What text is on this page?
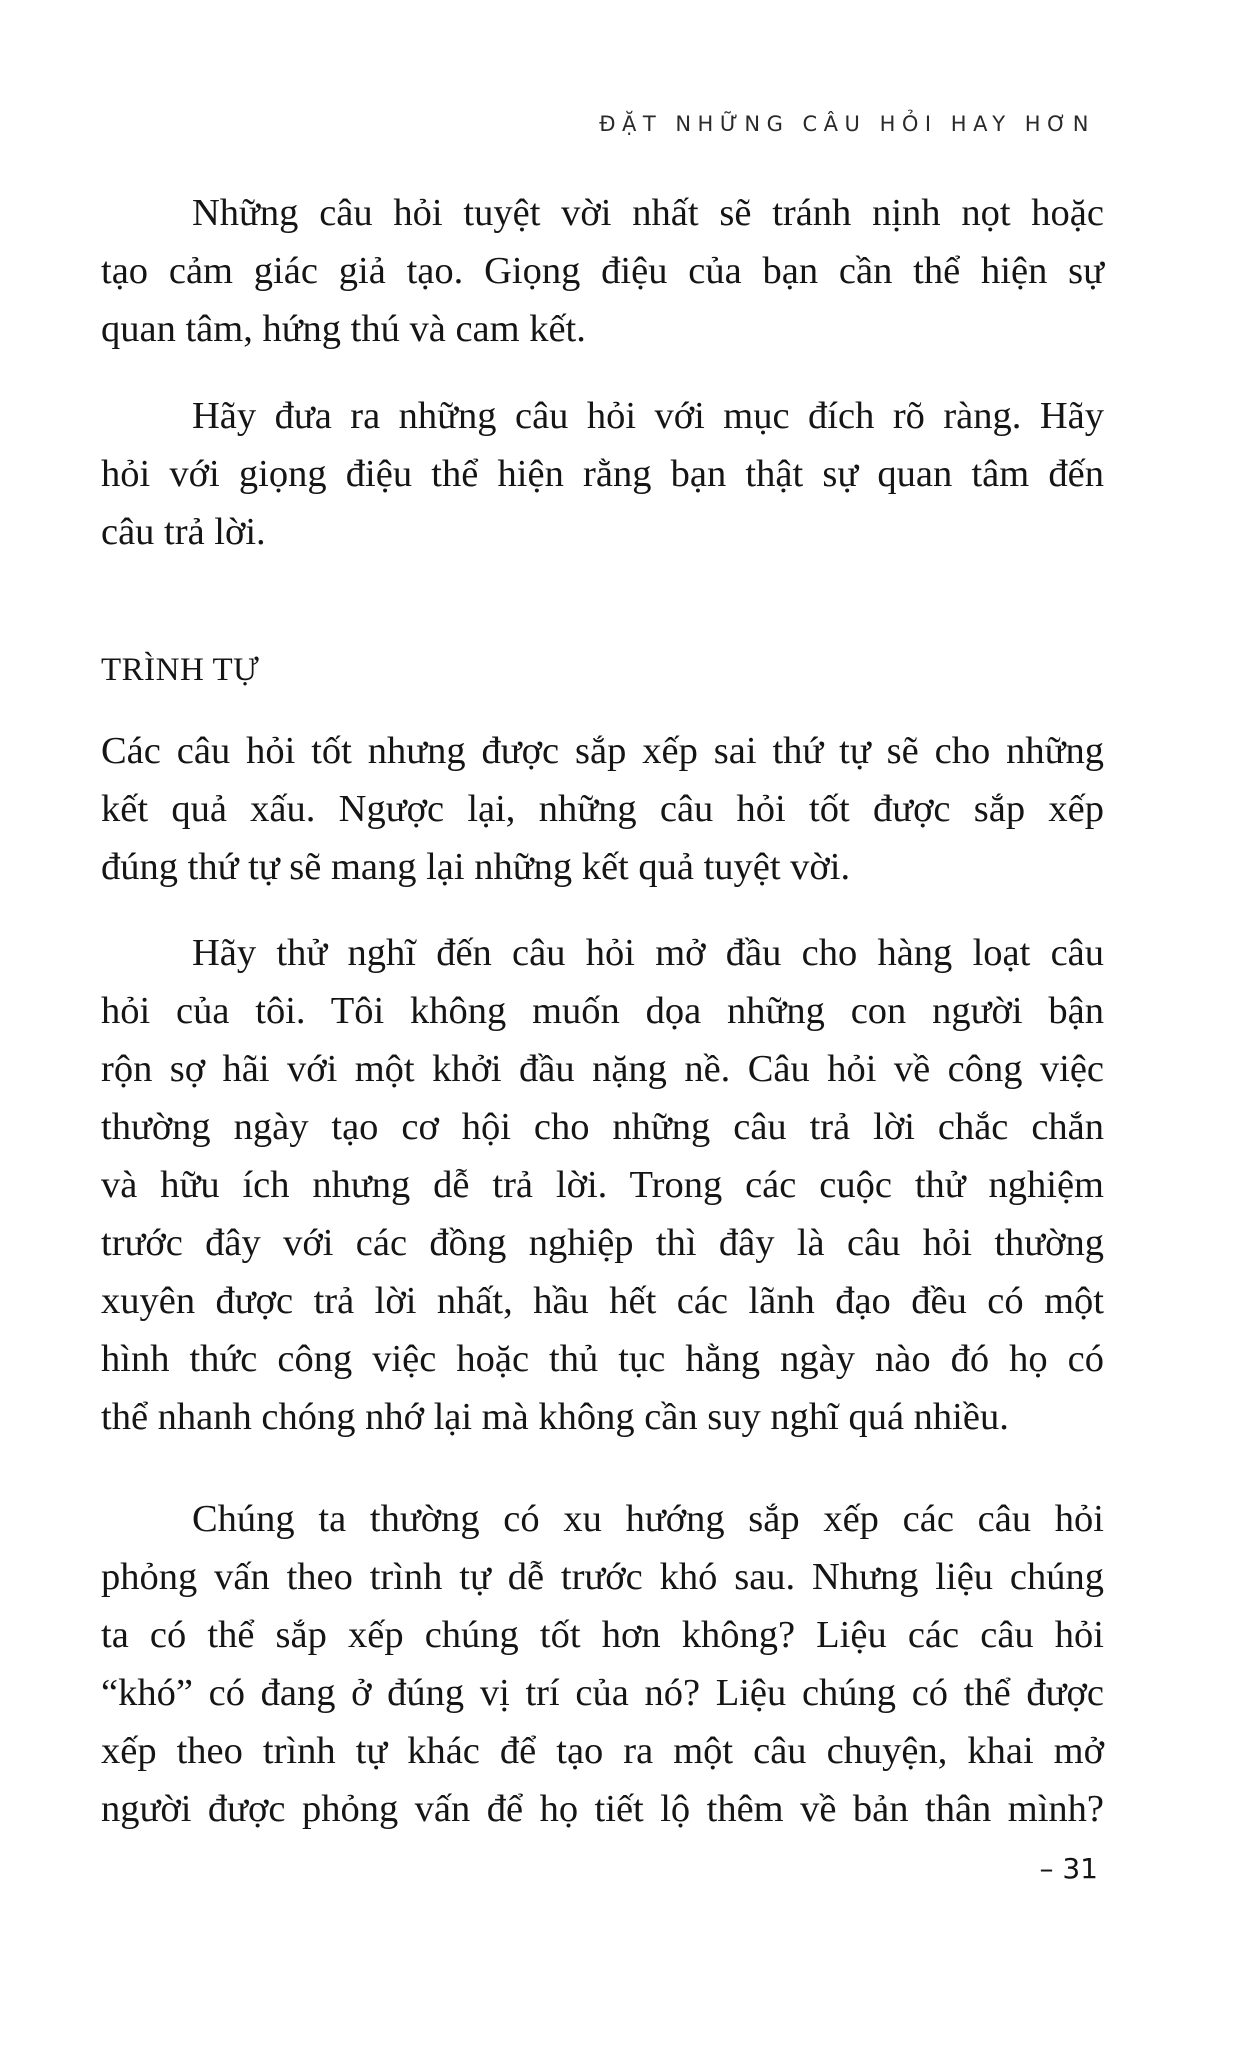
ĐẶT NHỮNG CÂU HỎI HAY HƠN
Những câu hỏi tuyệt vời nhất sẽ tránh nịnh nọt hoặc
tạo cảm giác giả tạo. Giọng điệu của bạn cần thể hiện sự
quan tâm, hứng thú và cam kết.
Hãy đưa ra những câu hỏi với mục đích rõ ràng. Hãy
hỏi với giọng điệu thể hiện rằng bạn thật sự quan tâm đến
câu trả lời.
TRÌNH TỰ
Các câu hỏi tốt nhưng được sắp xếp sai thứ tự sẽ cho những
kết quả xấu. Ngược lại, những câu hỏi tốt được sắp xếp
đúng thứ tự sẽ mang lại những kết quả tuyệt vời.
Hãy thử nghĩ đến câu hỏi mở đầu cho hàng loạt câu
hỏi của tôi. Tôi không muốn dọa những con người bận
rộn sợ hãi với một khởi đầu nặng nề. Câu hỏi về công việc
thường ngày tạo cơ hội cho những câu trả lời chắc chắn
và hữu ích nhưng dễ trả lời. Trong các cuộc thử nghiệm
trước đây với các đồng nghiệp thì đây là câu hỏi thường
xuyên được trả lời nhất, hầu hết các lãnh đạo đều có một
hình thức công việc hoặc thủ tục hằng ngày nào đó họ có
thể nhanh chóng nhớ lại mà không cần suy nghĩ quá nhiều.
Chúng ta thường có xu hướng sắp xếp các câu hỏi
phỏng vấn theo trình tự dễ trước khó sau. Nhưng liệu chúng
ta có thể sắp xếp chúng tốt hơn không? Liệu các câu hỏi
“khó” có đang ở đúng vị trí của nó? Liệu chúng có thể được
xếp theo trình tự khác để tạo ra một câu chuyện, khai mở
người được phỏng vấn để họ tiết lộ thêm về bản thân mình?
– 31
